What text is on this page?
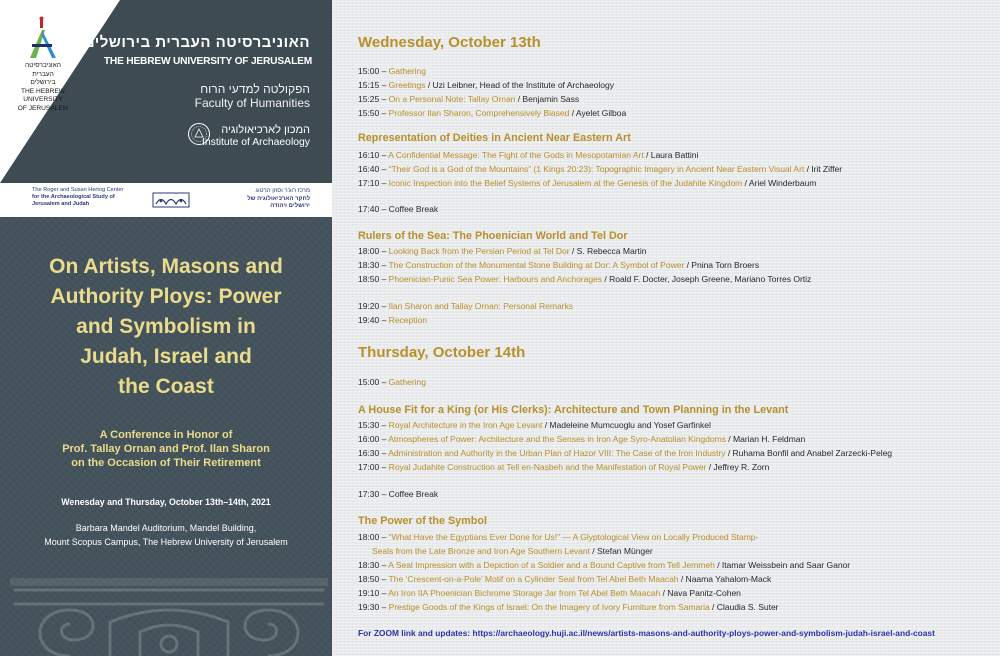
האוניברסיטה
העברית
בירושלים
THE HEBREW
UNIVERSITY
OF JERUSALEM
האוניברסיטה העברית בירושלים
THE HEBREW UNIVERSITY OF JERUSALEM
הפקולטה למדעי הרוח
Faculty of Humanities
המכון לארכיאולוגיה
Institute of Archaeology
The Roger and Susan Hertog Center
for the Archaeological Study of
Jerusalem and Judah
מרכז רוג'ר וסוזן הרטוג
לחקר הארכיאולוגיה של
ירושלים ויהודה
On Artists, Masons and
Authority Ploys: Power
and Symbolism in
Judah, Israel and
the Coast
A Conference in Honor of
Prof. Tallay Ornan and Prof. Ilan Sharon
on the Occasion of Their Retirement
Wenesday and Thursday, October 13th–14th, 2021
Barbara Mandel Auditorium, Mandel Building,
Mount Scopus Campus, The Hebrew University of Jerusalem
Wednesday, October 13th
15:00 – Gathering
15:15 – Greetings / Uzi Leibner, Head of the Institute of Archaeology
15:25 – On a Personal Note: Tallay Ornan / Benjamin Sass
15:50 – Professor Ilan Sharon, Comprehensively Biased / Ayelet Gilboa
Representation of Deities in Ancient Near Eastern Art
16:10 – A Confidential Message: The Fight of the Gods in Mesopotamian Art / Laura Battini
16:40 – “Their God is a God of the Mountains” (1 Kings 20:23): Topographic Imagery in Ancient Near Eastern Visual Art / Irit Ziffer
17:10 – Iconic Inspection into the Belief Systems of Jerusalem at the Genesis of the Judahite Kingdom / Ariel Winderbaum
17:40 – Coffee Break
Rulers of the Sea: The Phoenician World and Tel Dor
18:00 – Looking Back from the Persian Period at Tel Dor / S. Rebecca Martin
18:30 – The Construction of the Monumental Stone Building at Dor: A Symbol of Power / Pnina Torn Broers
18:50 – Phoenician-Punic Sea Power: Harbours and Anchorages / Roald F. Docter, Joseph Greene, Mariano Torres Ortiz
19:20 – Ilan Sharon and Tallay Ornan: Personal Remarks
19:40 – Reception
Thursday, October 14th
15:00 – Gathering
A House Fit for a King (or His Clerks): Architecture and Town Planning in the Levant
15:30 – Royal Architecture in the Iron Age Levant / Madeleine Mumcuoglu and Yosef Garfinkel
16:00 – Atmospheres of Power: Architecture and the Senses in Iron Age Syro-Anatolian Kingdoms / Marian H. Feldman
16:30 – Administration and Authority in the Urban Plan of Hazor VIII: The Case of the Iron Industry / Ruhama Bonfil and Anabel Zarzecki-Peleg
17:00 – Royal Judahite Construction at Tell en-Naṣbeh and the Manifestation of Royal Power / Jeffrey R. Zorn
17:30 – Coffee Break
The Power of the Symbol
18:00 – “What Have the Egyptians Ever Done for Us!” — A Glyptological View on Locally Produced Stamp-
Seals from the Late Bronze and Iron Age Southern Levant / Stefan Münger
18:30 – A Seal Impression with a Depiction of a Soldier and a Bound Captive from Tell Jemmeh / Itamar Weissbein and Saar Ganor
18:50 – The ‘Crescent-on-a-Pole’ Motif on a Cylinder Seal from Tel Abel Beth Maacah / Naama Yahalom-Mack
19:10 – An Iron IIA Phoenician Bichrome Storage Jar from Tel Abel Beth Maacah / Nava Panitz-Cohen
19:30 – Prestige Goods of the Kings of Israel: On the Imagery of Ivory Furniture from Samaria / Claudia S. Suter
For ZOOM link and updates: https://archaeology.huji.ac.il/news/artists-masons-and-authority-ploys-power-and-symbolism-judah-israel-and-coast
